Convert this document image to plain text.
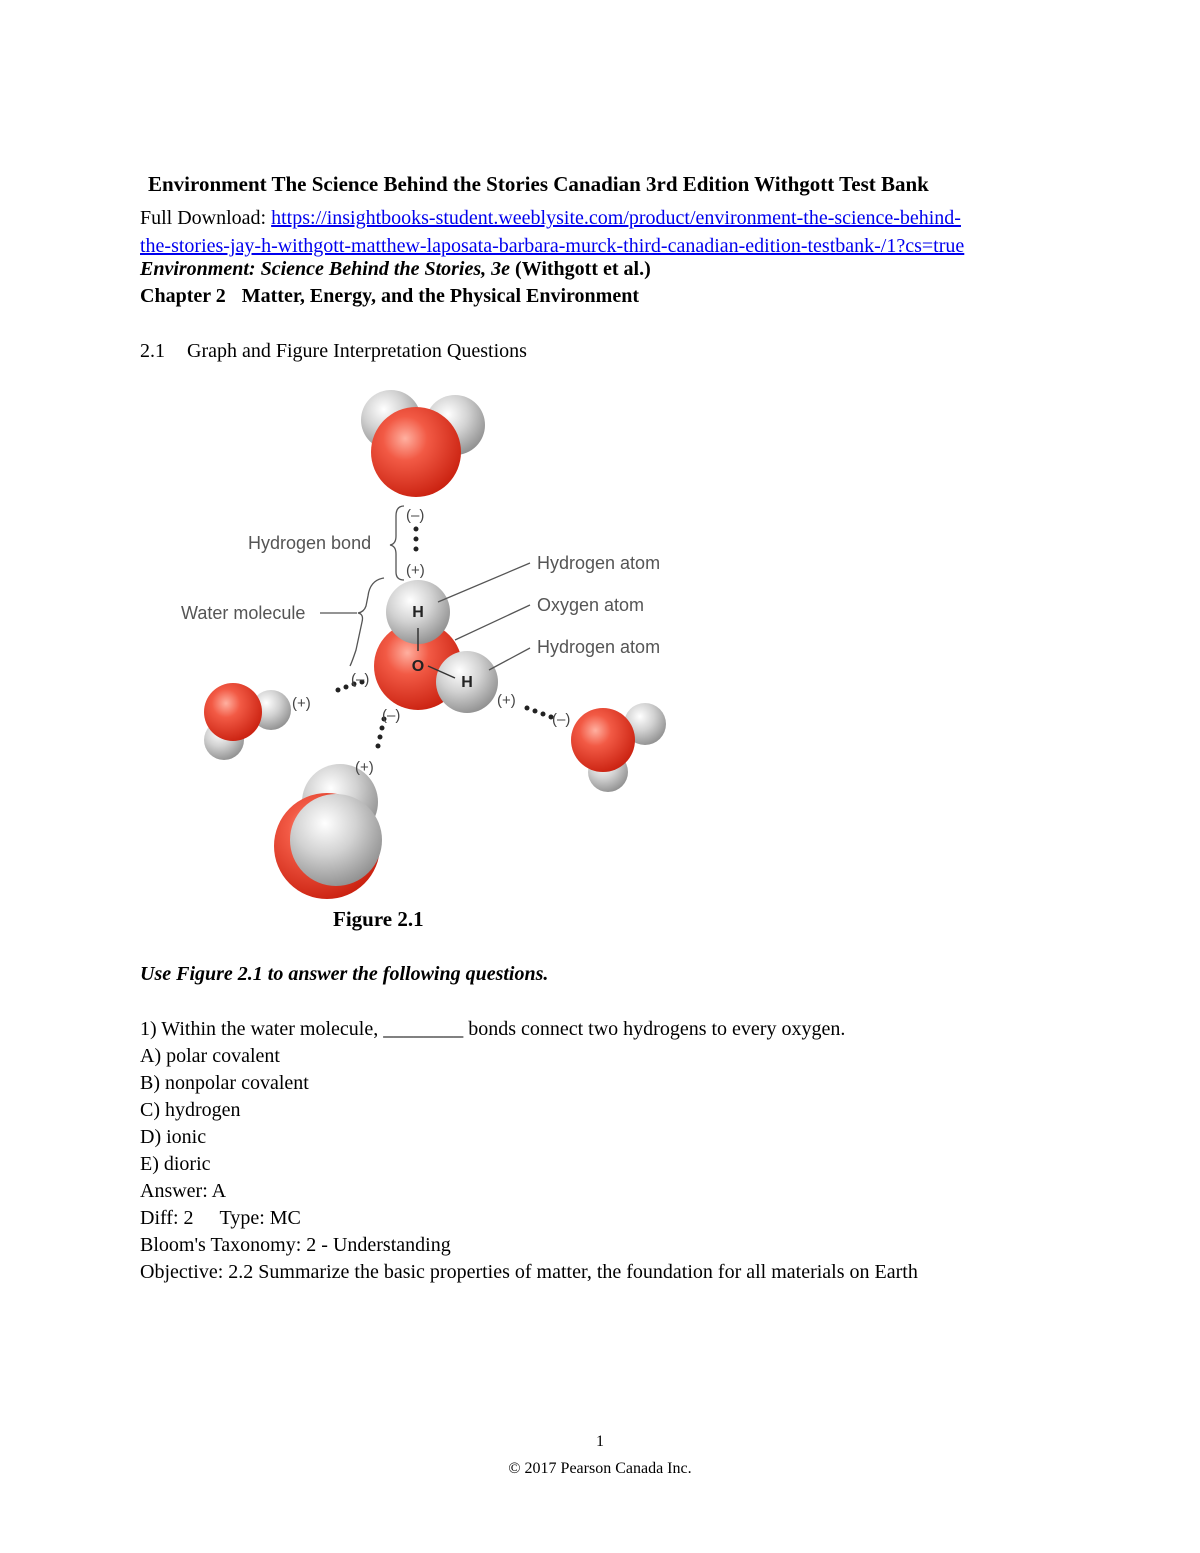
Environment The Science Behind the Stories Canadian 3rd Edition Withgott Test Bank
Full Download: https://insightbooks-student.weeblysite.com/product/environment-the-science-behind-
the-stories-jay-h-withgott-matthew-laposata-barbara-murck-third-canadian-edition-testbank-/1?cs=true
Environment: Science Behind the Stories, 3e (Withgott et al.)
Chapter 2 Matter, Energy, and the Physical Environment
2.1 Graph and Figure Interpretation Questions
H
O
H
(–)
(+)
(–)
(+)
(–)
(+)
(+)
(–)
Hydrogen bond
Water molecule
Hydrogen atom
Oxygen atom
Hydrogen atom
Figure 2.1
Use Figure 2.1 to answer the following questions.
1) Within the water molecule, ________ bonds connect two hydrogens to every oxygen.
A) polar covalent
B) nonpolar covalent
C) hydrogen
D) ionic
E) dioric
Answer: A
Diff: 2 Type: MC
Bloom's Taxonomy: 2 - Understanding
Objective: 2.2 Summarize the basic properties of matter, the foundation for all materials on Earth
1
© 2017 Pearson Canada Inc.
